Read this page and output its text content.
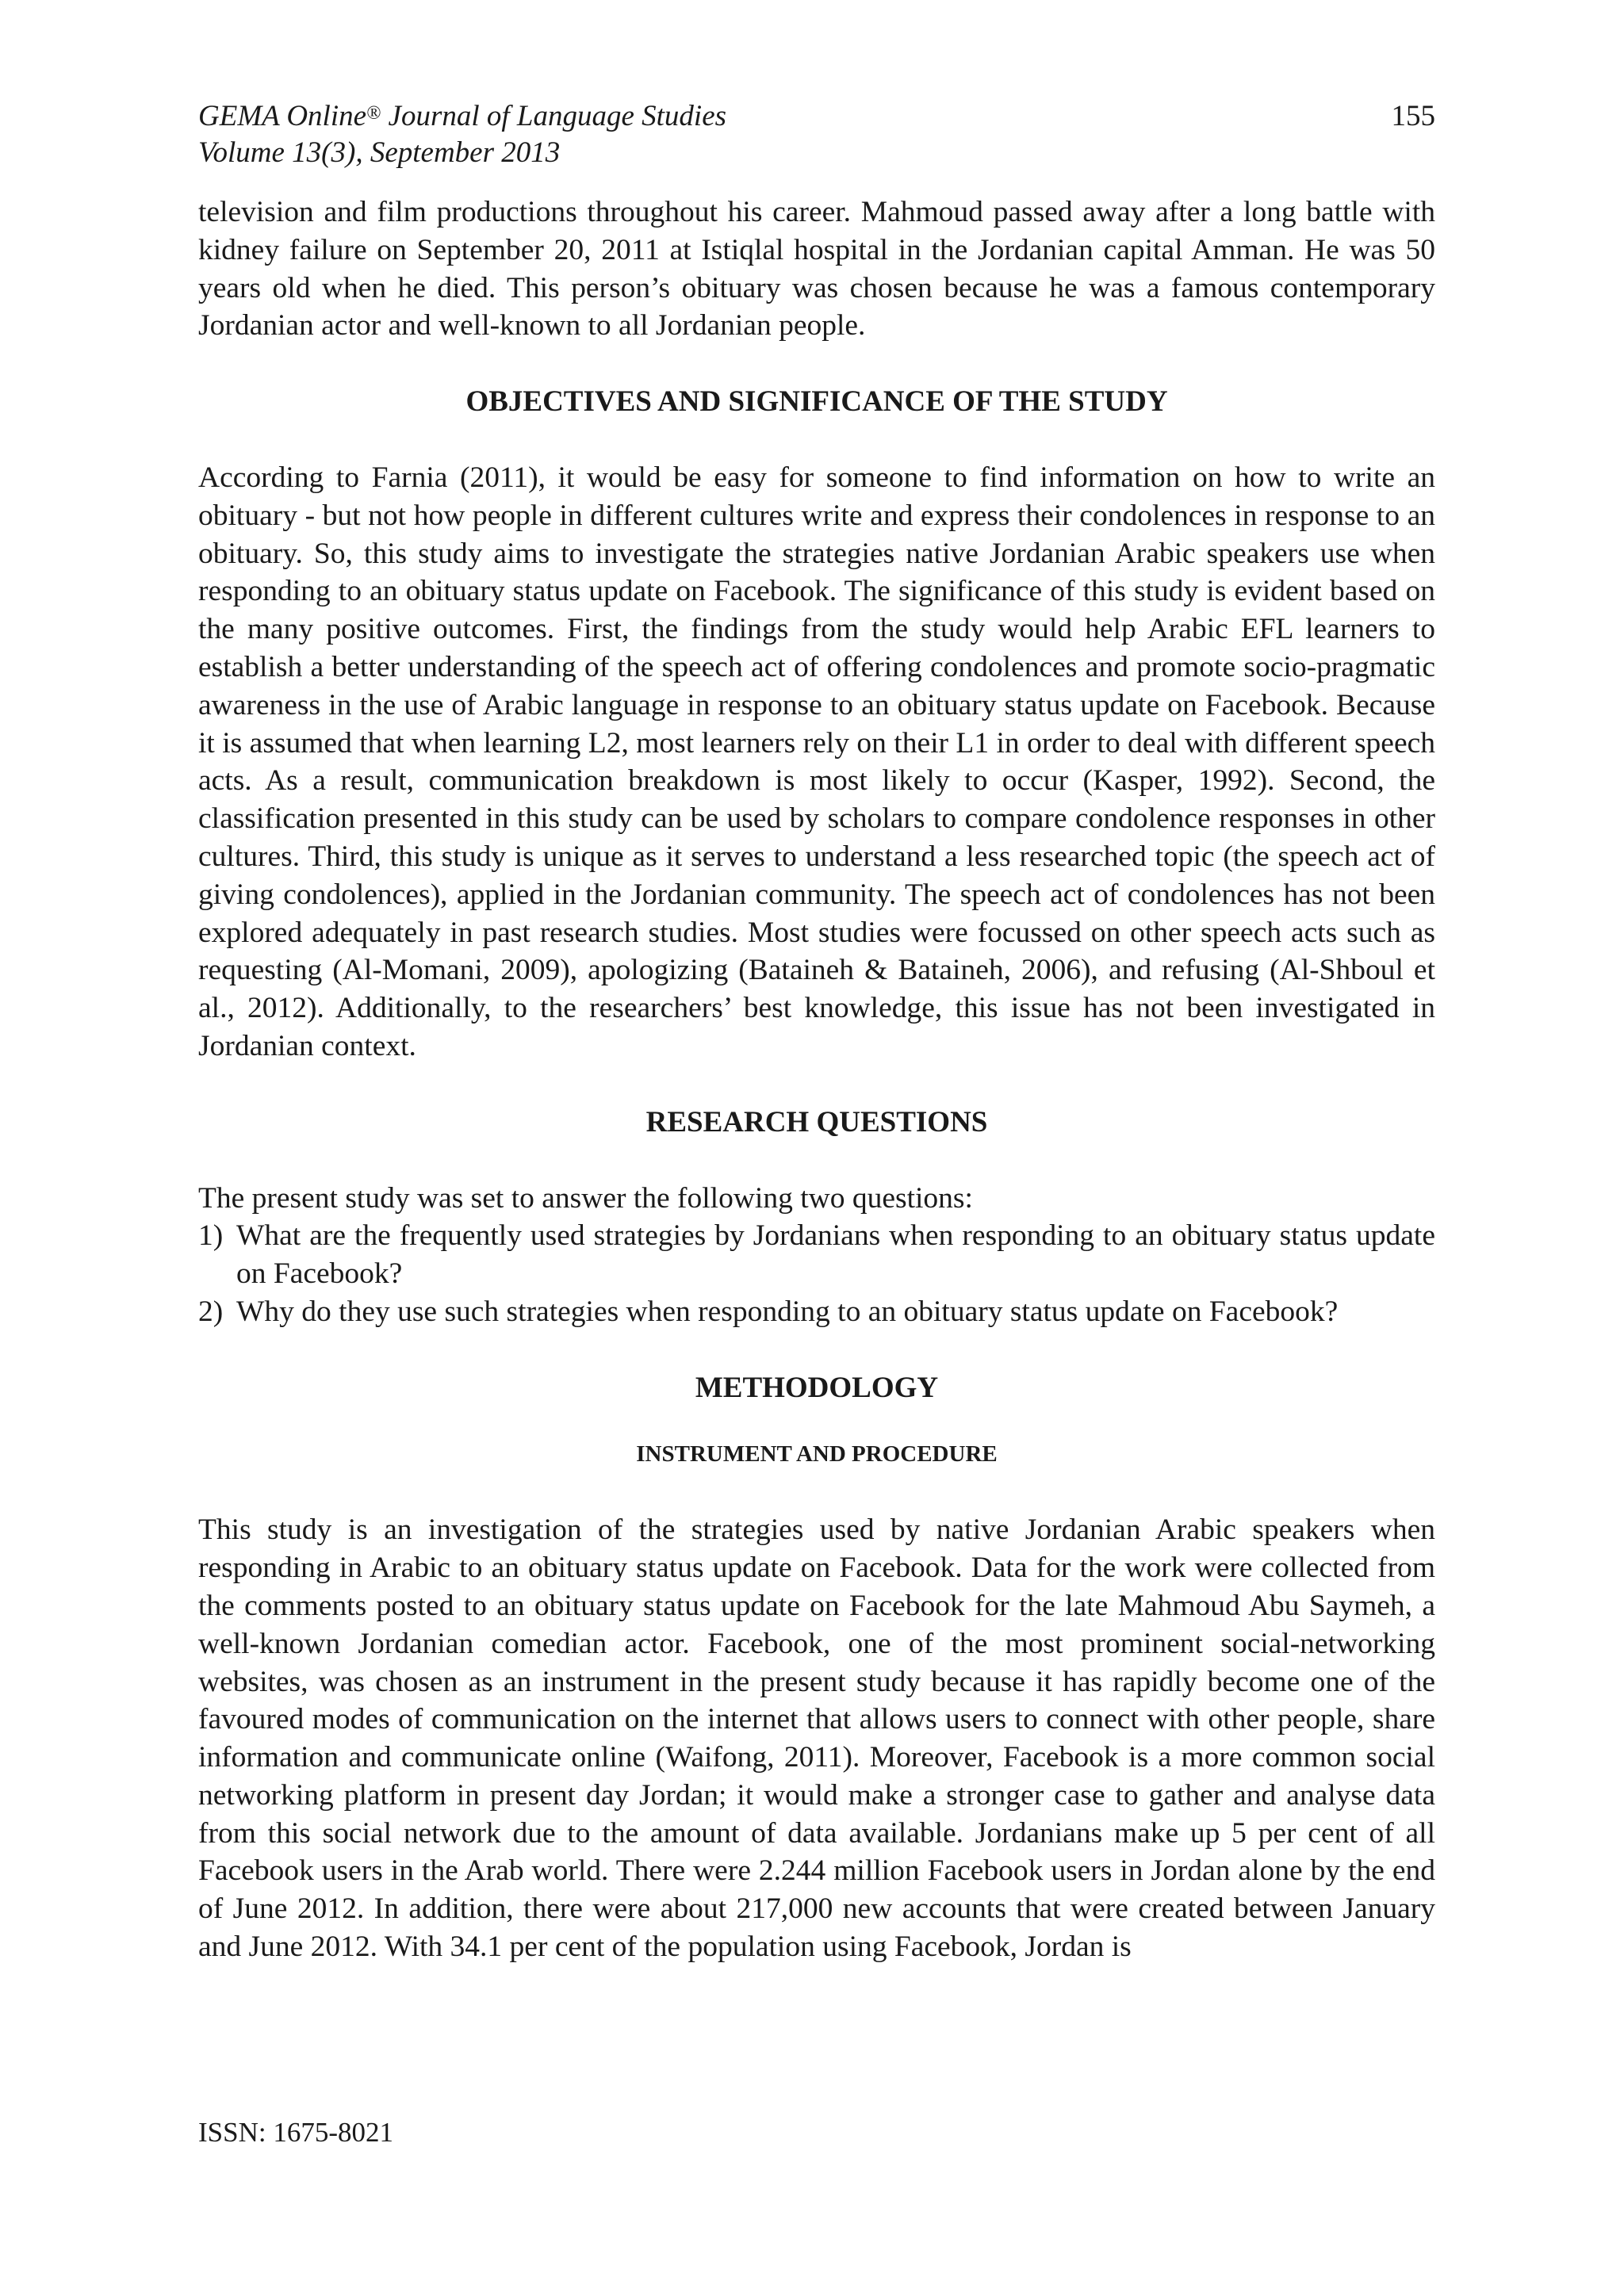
GEMA Online® Journal of Language Studies
Volume 13(3), September 2013
155

television and film productions throughout his career. Mahmoud passed away after a long battle with kidney failure on September 20, 2011 at Istiqlal hospital in the Jordanian capital Amman. He was 50 years old when he died. This person’s obituary was chosen because he was a famous contemporary Jordanian actor and well-known to all Jordanian people.

OBJECTIVES AND SIGNIFICANCE OF THE STUDY

According to Farnia (2011), it would be easy for someone to find information on how to write an obituary - but not how people in different cultures write and express their condolences in response to an obituary. So, this study aims to investigate the strategies native Jordanian Arabic speakers use when responding to an obituary status update on Facebook. The significance of this study is evident based on the many positive outcomes. First, the findings from the study would help Arabic EFL learners to establish a better understanding of the speech act of offering condolences and promote socio-pragmatic awareness in the use of Arabic language in response to an obituary status update on Facebook. Because it is assumed that when learning L2, most learners rely on their L1 in order to deal with different speech acts. As a result, communication breakdown is most likely to occur (Kasper, 1992). Second, the classification presented in this study can be used by scholars to compare condolence responses in other cultures. Third, this study is unique as it serves to understand a less researched topic (the speech act of giving condolences), applied in the Jordanian community. The speech act of condolences has not been explored adequately in past research studies. Most studies were focussed on other speech acts such as requesting (Al-Momani, 2009), apologizing (Bataineh & Bataineh, 2006), and refusing (Al-Shboul et al., 2012). Additionally, to the researchers’ best knowledge, this issue has not been investigated in Jordanian context.

RESEARCH QUESTIONS

The present study was set to answer the following two questions:

1) What are the frequently used strategies by Jordanians when responding to an obituary status update on Facebook?
2) Why do they use such strategies when responding to an obituary status update on Facebook?
METHODOLOGY
INSTRUMENT AND PROCEDURE

This study is an investigation of the strategies used by native Jordanian Arabic speakers when responding in Arabic to an obituary status update on Facebook. Data for the work were collected from the comments posted to an obituary status update on Facebook for the late Mahmoud Abu Saymeh, a well-known Jordanian comedian actor. Facebook, one of the most prominent social-networking websites, was chosen as an instrument in the present study because it has rapidly become one of the favoured modes of communication on the internet that allows users to connect with other people, share information and communicate online (Waifong, 2011). Moreover, Facebook is a more common social networking platform in present day Jordan; it would make a stronger case to gather and analyse data from this social network due to the amount of data available. Jordanians make up 5 per cent of all Facebook users in the Arab world. There were 2.244 million Facebook users in Jordan alone by the end of June 2012. In addition, there were about 217,000 new accounts that were created between January and June 2012. With 34.1 per cent of the population using Facebook, Jordan is

ISSN: 1675-8021
